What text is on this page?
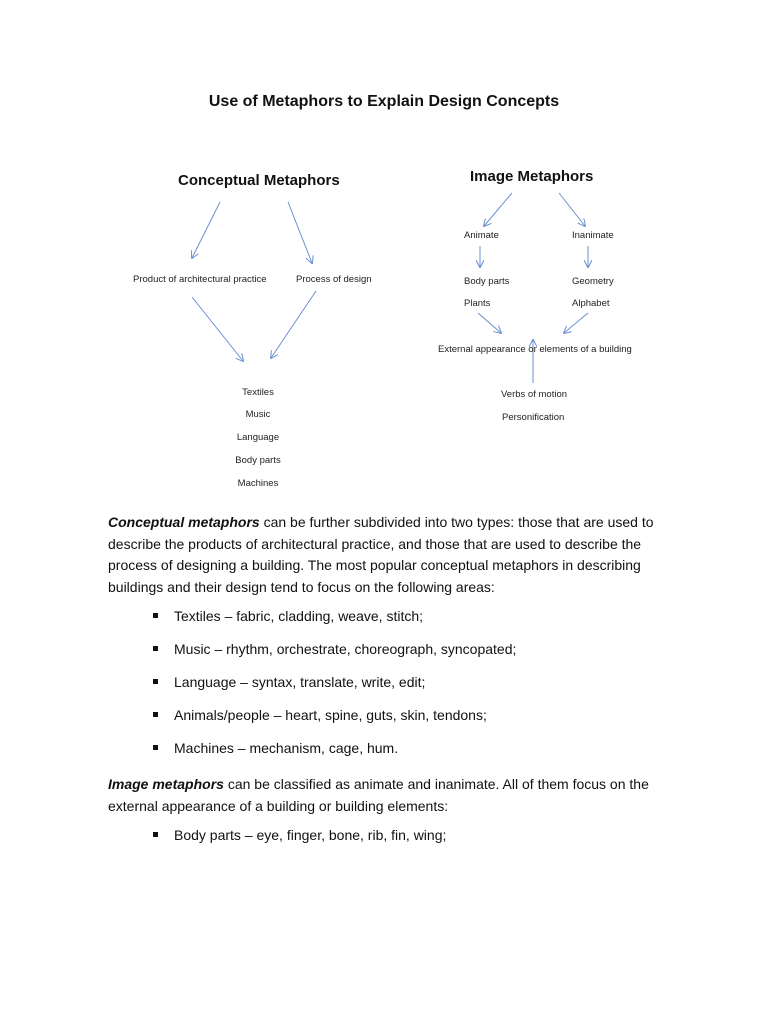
Use of Metaphors to Explain Design Concepts
Conceptual Metaphors
Product of architectural practice	Process of design
Textiles
Music
Language
Body parts
Machines
Image Metaphors
Animate	Inanimate
Body parts
Plants
Geometry
Alphabet
External appearance or elements of a building
Verbs of motion
Personification
Conceptual metaphors can be further subdivided into two types: those that are used to
describe the products of architectural practice, and those that are used to describe the
process of designing a building. The most popular conceptual metaphors in describing
buildings and their design tend to focus on the following areas:
Textiles – fabric, cladding, weave, stitch;
Music – rhythm, orchestrate, choreograph, syncopated;
Language – syntax, translate, write, edit;
Animals/people – heart, spine, guts, skin, tendons;
Machines – mechanism, cage, hum.
Image metaphors can be classified as animate and inanimate. All of them focus on the
external appearance of a building or building elements:
Body parts – eye, finger, bone, rib, fin, wing;
